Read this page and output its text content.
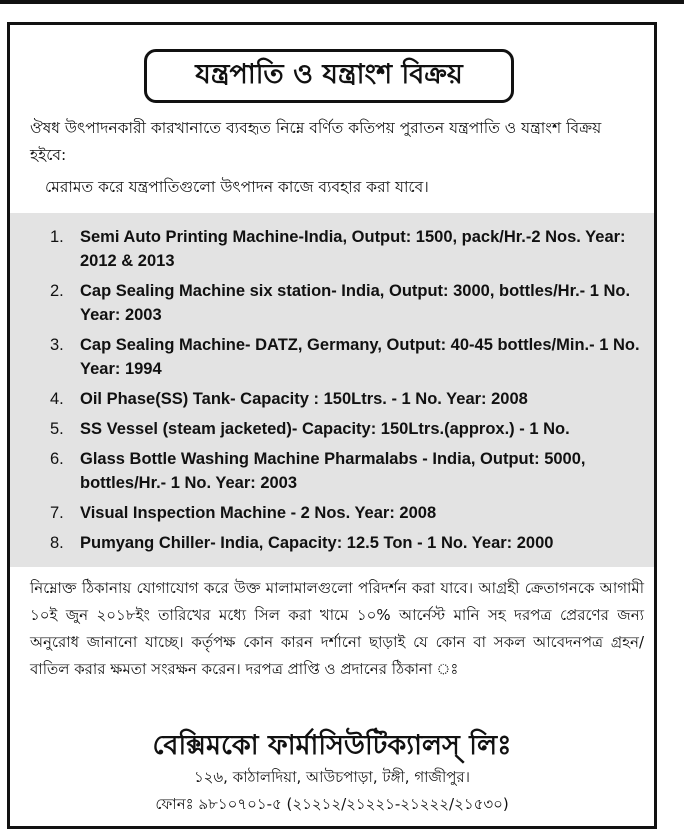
যন্ত্রপাতি ও যন্ত্রাংশ বিক্রয়
ঔষধ উৎপাদনকারী কারখানাতে ব্যবহৃত নিম্নে বর্ণিত কতিপয় পুরাতন যন্ত্রপাতি ও যন্ত্রাংশ বিক্রয় হইবে:
মেরামত করে যন্ত্রপাতিগুলো উৎপাদন কাজে ব্যবহার করা যাবে।
1. Semi Auto Printing Machine-India, Output: 1500, pack/Hr.-2 Nos. Year: 2012 & 2013
2. Cap Sealing Machine six station- India, Output: 3000, bottles/Hr.- 1 No. Year: 2003
3. Cap Sealing Machine- DATZ, Germany, Output: 40-45 bottles/Min.- 1 No. Year: 1994
4. Oil Phase(SS) Tank- Capacity : 150Ltrs. - 1 No. Year: 2008
5. SS Vessel (steam jacketed)- Capacity: 150Ltrs.(approx.) - 1 No.
6. Glass Bottle Washing Machine Pharmalabs - India, Output: 5000, bottles/Hr.- 1 No. Year: 2003
7. Visual Inspection Machine - 2 Nos. Year: 2008
8. Pumyang Chiller- India, Capacity: 12.5 Ton - 1 No. Year: 2000
নিম্নোক্ত ঠিকানায় যোগাযোগ করে উক্ত মালামালগুলো পরিদর্শন করা যাবে। আগ্রহী ক্রেতাগনকে আগামী ১০ই জুন ২০১৮ইং তারিখের মধ্যে সিল করা খামে ১০% আর্নেস্ট মানি সহ দরপত্র প্রেরণের জন্য অনুরোধ জানানো যাচ্ছে। কর্তৃপক্ষ কোন কারন দর্শানো ছাড়াই যে কোন বা সকল আবেদনপত্র গ্রহন/বাতিল করার ক্ষমতা সংরক্ষন করেন। দরপত্র প্রাপ্তি ও প্রদানের ঠিকানা ঃ
বেক্সিমকো ফার্মাসিউটিক্যালস্ লিঃ
১২৬, কাঠালদিয়া, আউচপাড়া, টঙ্গী, গাজীপুর।
ফোনঃ ৯৮১০৭০১-৫ (২১২১২/২১২২১-২১২২২/২১৫৩০)
